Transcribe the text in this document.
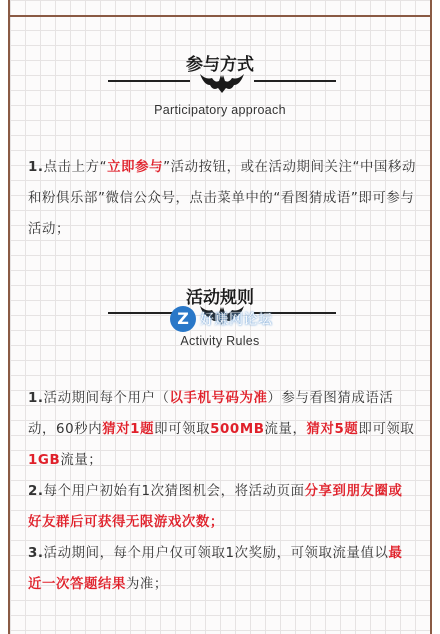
参与方式
Participatory approach
1.点击上方“立即参与”活动按钮，或在活动期间关注“中国移动和粉俱乐部”微信公众号，点击菜单中的“看图猜成语”即可参与活动；
活动规则
Activity Rules
1.活动期间每个用户（以手机号码为准）参与看图猜成语活动，60秒内猜对1题即可领取500MB流量，猜对5题即可领取1GB流量；
2.每个用户初始有1次猜图机会，将活动页面分享到朋友圈或好友群后可获得无限游戏次数；
3.活动期间，每个用户仅可领取1次奖励，可领取流量值以最近一次答题结果为准；
Z 好赚网论坛
